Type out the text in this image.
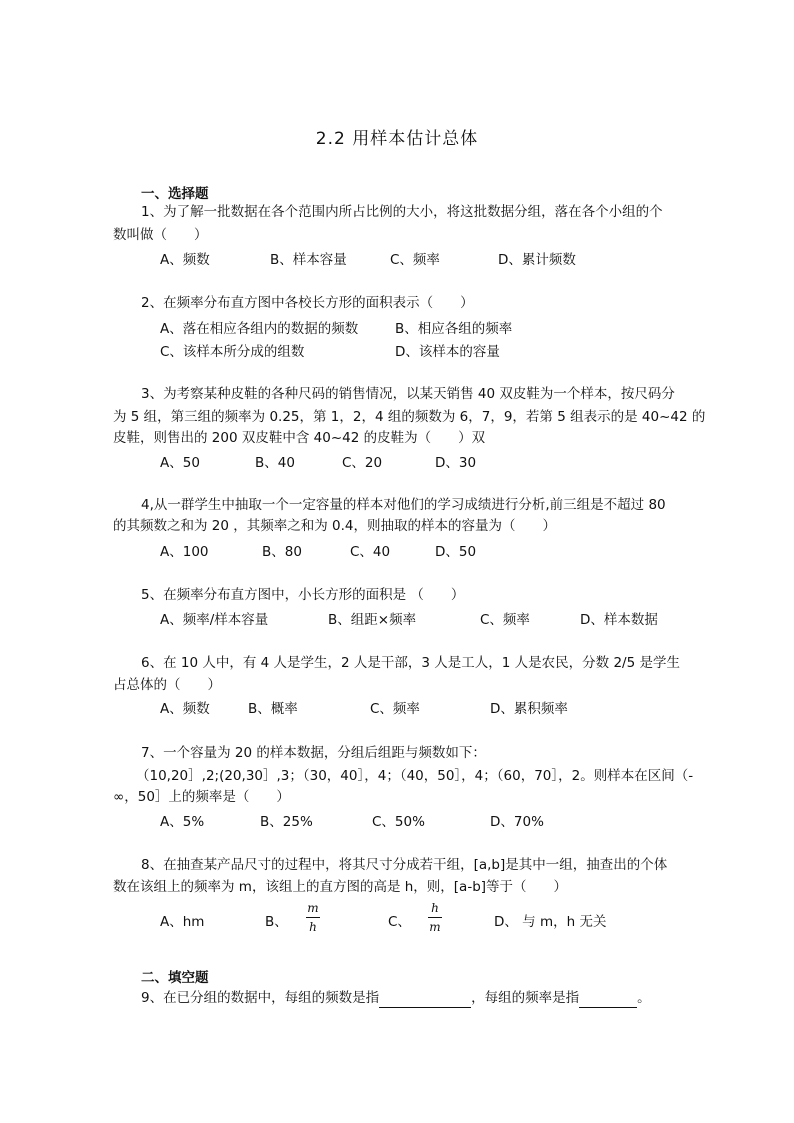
2.2 用样本估计总体
一、选择题
1、为了解一批数据在各个范围内所占比例的大小，将这批数据分组，落在各个小组的个
数叫做（　　）
A、频数	B、样本容量	C、频率	D、累计频数
2、在频率分布直方图中各校长方形的面积表示（　　）
A、落在相应各组内的数据的频数	B、相应各组的频率
C、该样本所分成的组数	D、该样本的容量
3、为考察某种皮鞋的各种尺码的销售情况，以某天销售 40 双皮鞋为一个样本，按尺码分
为 5 组，第三组的频率为 0.25，第 1，2，4 组的频数为 6，7，9，若第 5 组表示的是 40~42 的
皮鞋，则售出的 200 双皮鞋中含 40~42 的皮鞋为（　　）双
A、50	B、40	C、20	D、30
4,从一群学生中抽取一个一定容量的样本对他们的学习成绩进行分析,前三组是不超过 80
的其频数之和为 20 ，其频率之和为 0.4，则抽取的样本的容量为（　　）
A、100	B、80	C、40	D、50
5、在频率分布直方图中，小长方形的面积是 （　　）
A、频率/样本容量	B、组距×频率	C、频率	D、样本数据
6、在 10 人中，有 4 人是学生，2 人是干部，3 人是工人，1 人是农民，分数 2/5 是学生
占总体的（　　）
A、频数	B、概率	C、频率	D、累积频率
7、一个容量为 20 的样本数据，分组后组距与频数如下：
（10,20］,2;(20,30］,3；（30，40］，4；（40，50］，4；（60，70］，2。则样本在区间（-
∞，50］上的频率是（　　）
A、5%	B、25%	C、50%	D、70%
8、在抽查某产品尺寸的过程中，将其尺寸分成若干组，[a,b]是其中一组，抽查出的个体
数在该组上的频率为 m，该组上的直方图的高是 h，则，[a-b]等于（　　）
A、hm	B、
m
h	C、
h
m	D、 与 m，h 无关
二、填空题
9、在已分组的数据中，每组的频数是指	，每组的频率是指	。
